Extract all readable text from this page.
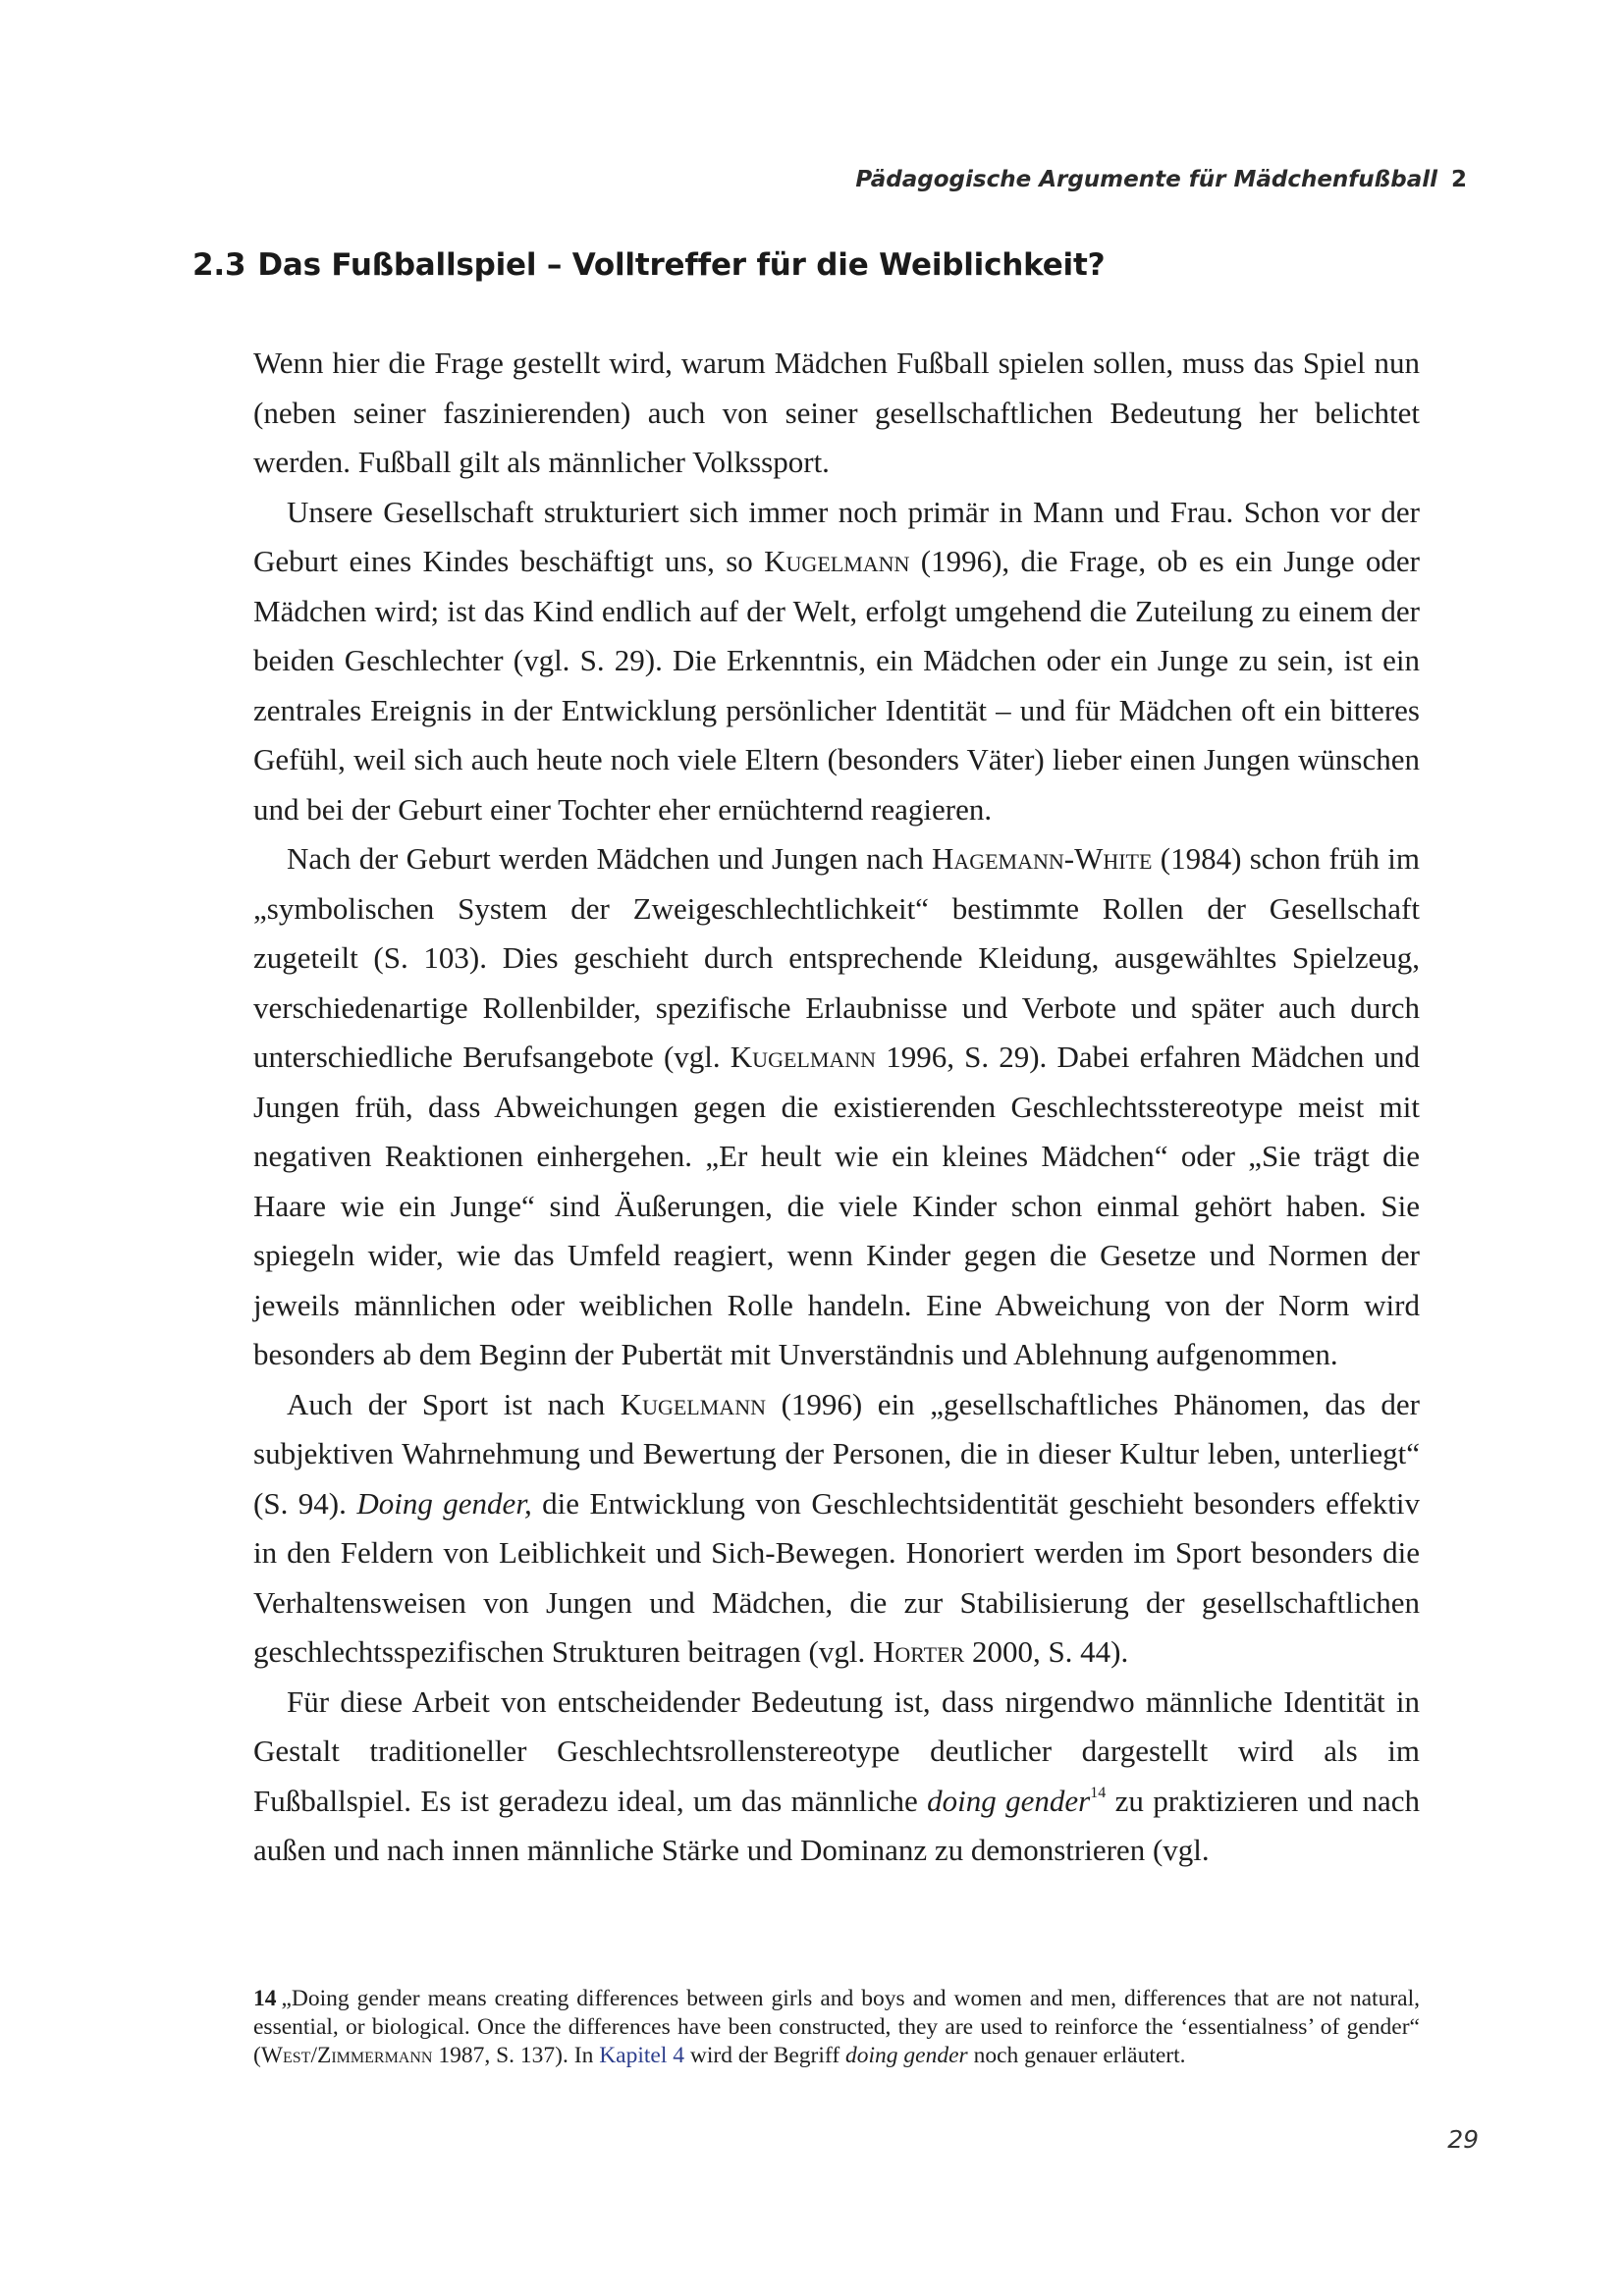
Pädagogische Argumente für Mädchenfußball 2
2.3 Das Fußballspiel – Volltreffer für die Weiblichkeit?

Wenn hier die Frage gestellt wird, warum Mädchen Fußball spielen sollen, muss das Spiel nun (neben seiner faszinierenden) auch von seiner gesellschaftlichen Bedeutung her belichtet werden. Fußball gilt als männlicher Volkssport.

Unsere Gesellschaft strukturiert sich immer noch primär in Mann und Frau. Schon vor der Geburt eines Kindes beschäftigt uns, so Kugelmann (1996), die Frage, ob es ein Junge oder Mädchen wird; ist das Kind endlich auf der Welt, erfolgt umgehend die Zuteilung zu einem der beiden Geschlechter (vgl. S. 29). Die Erkenntnis, ein Mädchen oder ein Junge zu sein, ist ein zentrales Ereignis in der Entwicklung persönlicher Identität – und für Mädchen oft ein bitteres Gefühl, weil sich auch heute noch viele Eltern (besonders Väter) lieber einen Jungen wünschen und bei der Geburt einer Tochter eher ernüchternd reagieren.

Nach der Geburt werden Mädchen und Jungen nach Hagemann-White (1984) schon früh im „symbolischen System der Zweigeschlechtlichkeit“ bestimmte Rollen der Gesellschaft zugeteilt (S. 103). Dies geschieht durch entsprechende Kleidung, ausgewähltes Spielzeug, verschiedenartige Rollenbilder, spezifische Erlaubnisse und Verbote und später auch durch unterschiedliche Berufsangebote (vgl. Kugelmann 1996, S. 29). Dabei erfahren Mädchen und Jungen früh, dass Abweichungen gegen die existierenden Geschlechtsstereotype meist mit negativen Reaktionen einhergehen. „Er heult wie ein kleines Mädchen“ oder „Sie trägt die Haare wie ein Junge“ sind Äußerungen, die viele Kinder schon einmal gehört haben. Sie spiegeln wider, wie das Umfeld reagiert, wenn Kinder gegen die Gesetze und Normen der jeweils männlichen oder weiblichen Rolle handeln. Eine Abweichung von der Norm wird besonders ab dem Beginn der Pubertät mit Unverständnis und Ablehnung aufgenommen.

Auch der Sport ist nach Kugelmann (1996) ein „gesellschaftliches Phänomen, das der subjektiven Wahrnehmung und Bewertung der Personen, die in dieser Kultur leben, unterliegt“ (S. 94). Doing gender, die Entwicklung von Geschlechtsidentität geschieht besonders effektiv in den Feldern von Leiblichkeit und Sich-Bewegen. Honoriert werden im Sport besonders die Verhaltensweisen von Jungen und Mädchen, die zur Stabilisierung der gesellschaftlichen geschlechtsspezifischen Strukturen beitragen (vgl. Horter 2000, S. 44).

Für diese Arbeit von entscheidender Bedeutung ist, dass nirgendwo männliche Identität in Gestalt traditioneller Geschlechtsrollenstereotype deutlicher dargestellt wird als im Fußballspiel. Es ist geradezu ideal, um das männliche doing gender$^{14}$ zu praktizieren und nach außen und nach innen männliche Stärke und Dominanz zu demonstrieren (vgl.

14 „Doing gender means creating differences between girls and boys and women and men, differences that are not natural, essential, or biological. Once the differences have been constructed, they are used to reinforce the ‘essentialness’ of gender“ (West/Zimmermann 1987, S. 137). In Kapitel 4 wird der Begriff doing gender noch genauer erläutert.
29
